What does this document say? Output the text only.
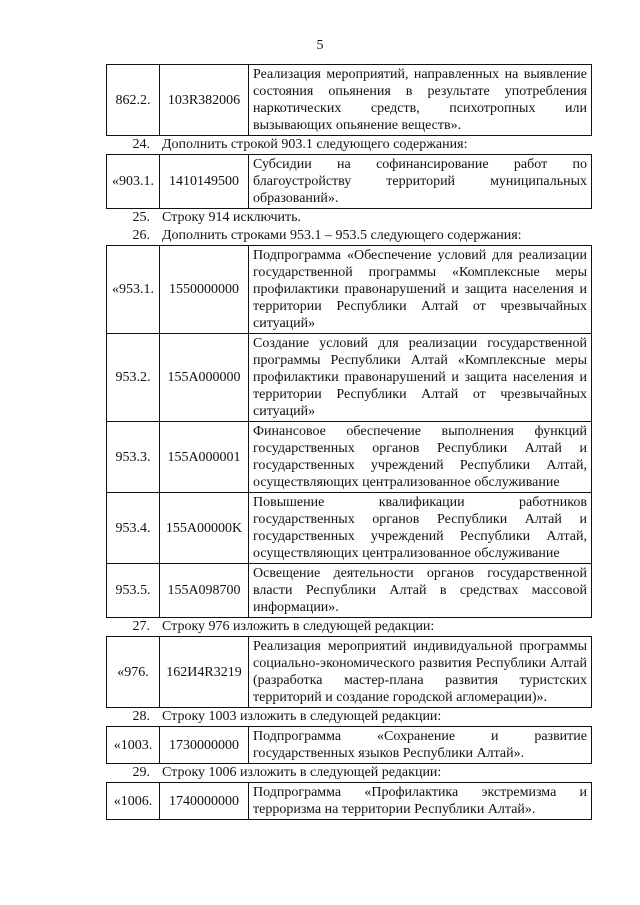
5
862.2.	103R382006	Реализация мероприятий, направленных на выявление состояния опьянения в результате употребления наркотических средств, психотропных или вызывающих опьянение веществ».
24. Дополнить строкой 903.1 следующего содержания:
«903.1.	1410149500	Субсидии на софинансирование работ по благоустройству территорий муниципальных образований».
25. Строку 914 исключить.
26. Дополнить строками 953.1 – 953.5 следующего содержания:
«953.1.	1550000000	Подпрограмма «Обеспечение условий для реализации государственной программы «Комплексные меры профилактики правонарушений и защита населения и территории Республики Алтай от чрезвычайных ситуаций»
953.2.	155A000000	Создание условий для реализации государственной программы Республики Алтай «Комплексные меры профилактики правонарушений и защита населения и территории Республики Алтай от чрезвычайных ситуаций»
953.3.	155A000001	Финансовое обеспечение выполнения функций государственных органов Республики Алтай и государственных учреждений Республики Алтай, осуществляющих централизованное обслуживание
953.4.	155A00000K	Повышение квалификации работников государственных органов Республики Алтай и государственных учреждений Республики Алтай, осуществляющих централизованное обслуживание
953.5.	155A098700	Освещение деятельности органов государственной власти Республики Алтай в средствах массовой информации».
27. Строку 976 изложить в следующей редакции:
«976.	162И4R3219	Реализация мероприятий индивидуальной программы социально-экономического развития Республики Алтай (разработка мастер-плана развития туристских территорий и создание городской агломерации)».
28. Строку 1003 изложить в следующей редакции:
«1003.	1730000000	Подпрограмма «Сохранение и развитие государственных языков Республики Алтай».
29. Строку 1006 изложить в следующей редакции:
«1006.	1740000000	Подпрограмма «Профилактика экстремизма и терроризма на территории Республики Алтай».
